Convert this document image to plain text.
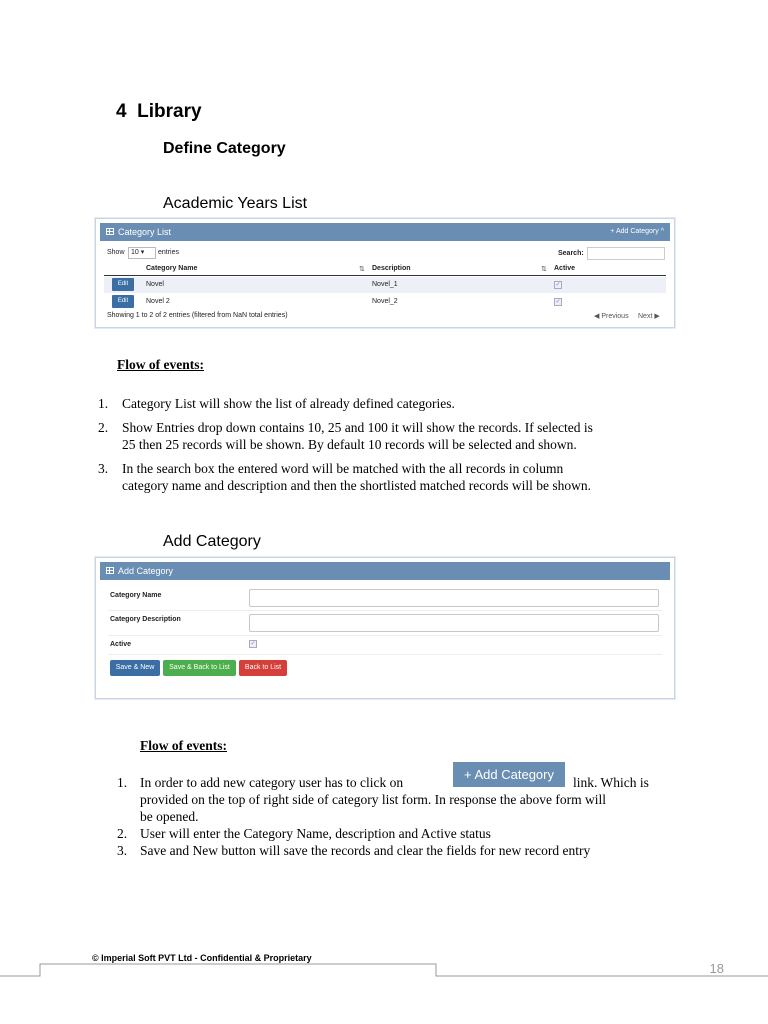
4 Library
Define Category
Academic Years List
Category List	+ Add Category ^
Show 10 ▾	entries	Search:
Category Name	⇅ Description	⇅ Active
Edit	Novel	Novel_1	✓
Edit	Novel 2	Novel_2	✓
Showing 1 to 2 of 2 entries (filtered from NaN total entries)	◀ Previous Next ▶
Flow of events:
1. Category List will show the list of already defined categories.
2. Show Entries drop down contains 10, 25 and 100 it will show the records. If selected is
25 then 25 records will be shown. By default 10 records will be selected and shown.
3. In the search box the entered word will be matched with the all records in column
category name and description and then the shortlisted matched records will be shown.
Add Category
Add Category
Category Name
Category Description
Active	✓
Save & New	Save & Back to List	Back to List
Flow of events:
1. In order to add new category user has to click on
+ Add Category
link. Which is
provided on the top of right side of category list form. In response the above form will
be opened.
2. User will enter the Category Name, description and Active status
3. Save and New button will save the records and clear the fields for new record entry
© Imperial Soft PVT Ltd - Confidential & Proprietary
18
